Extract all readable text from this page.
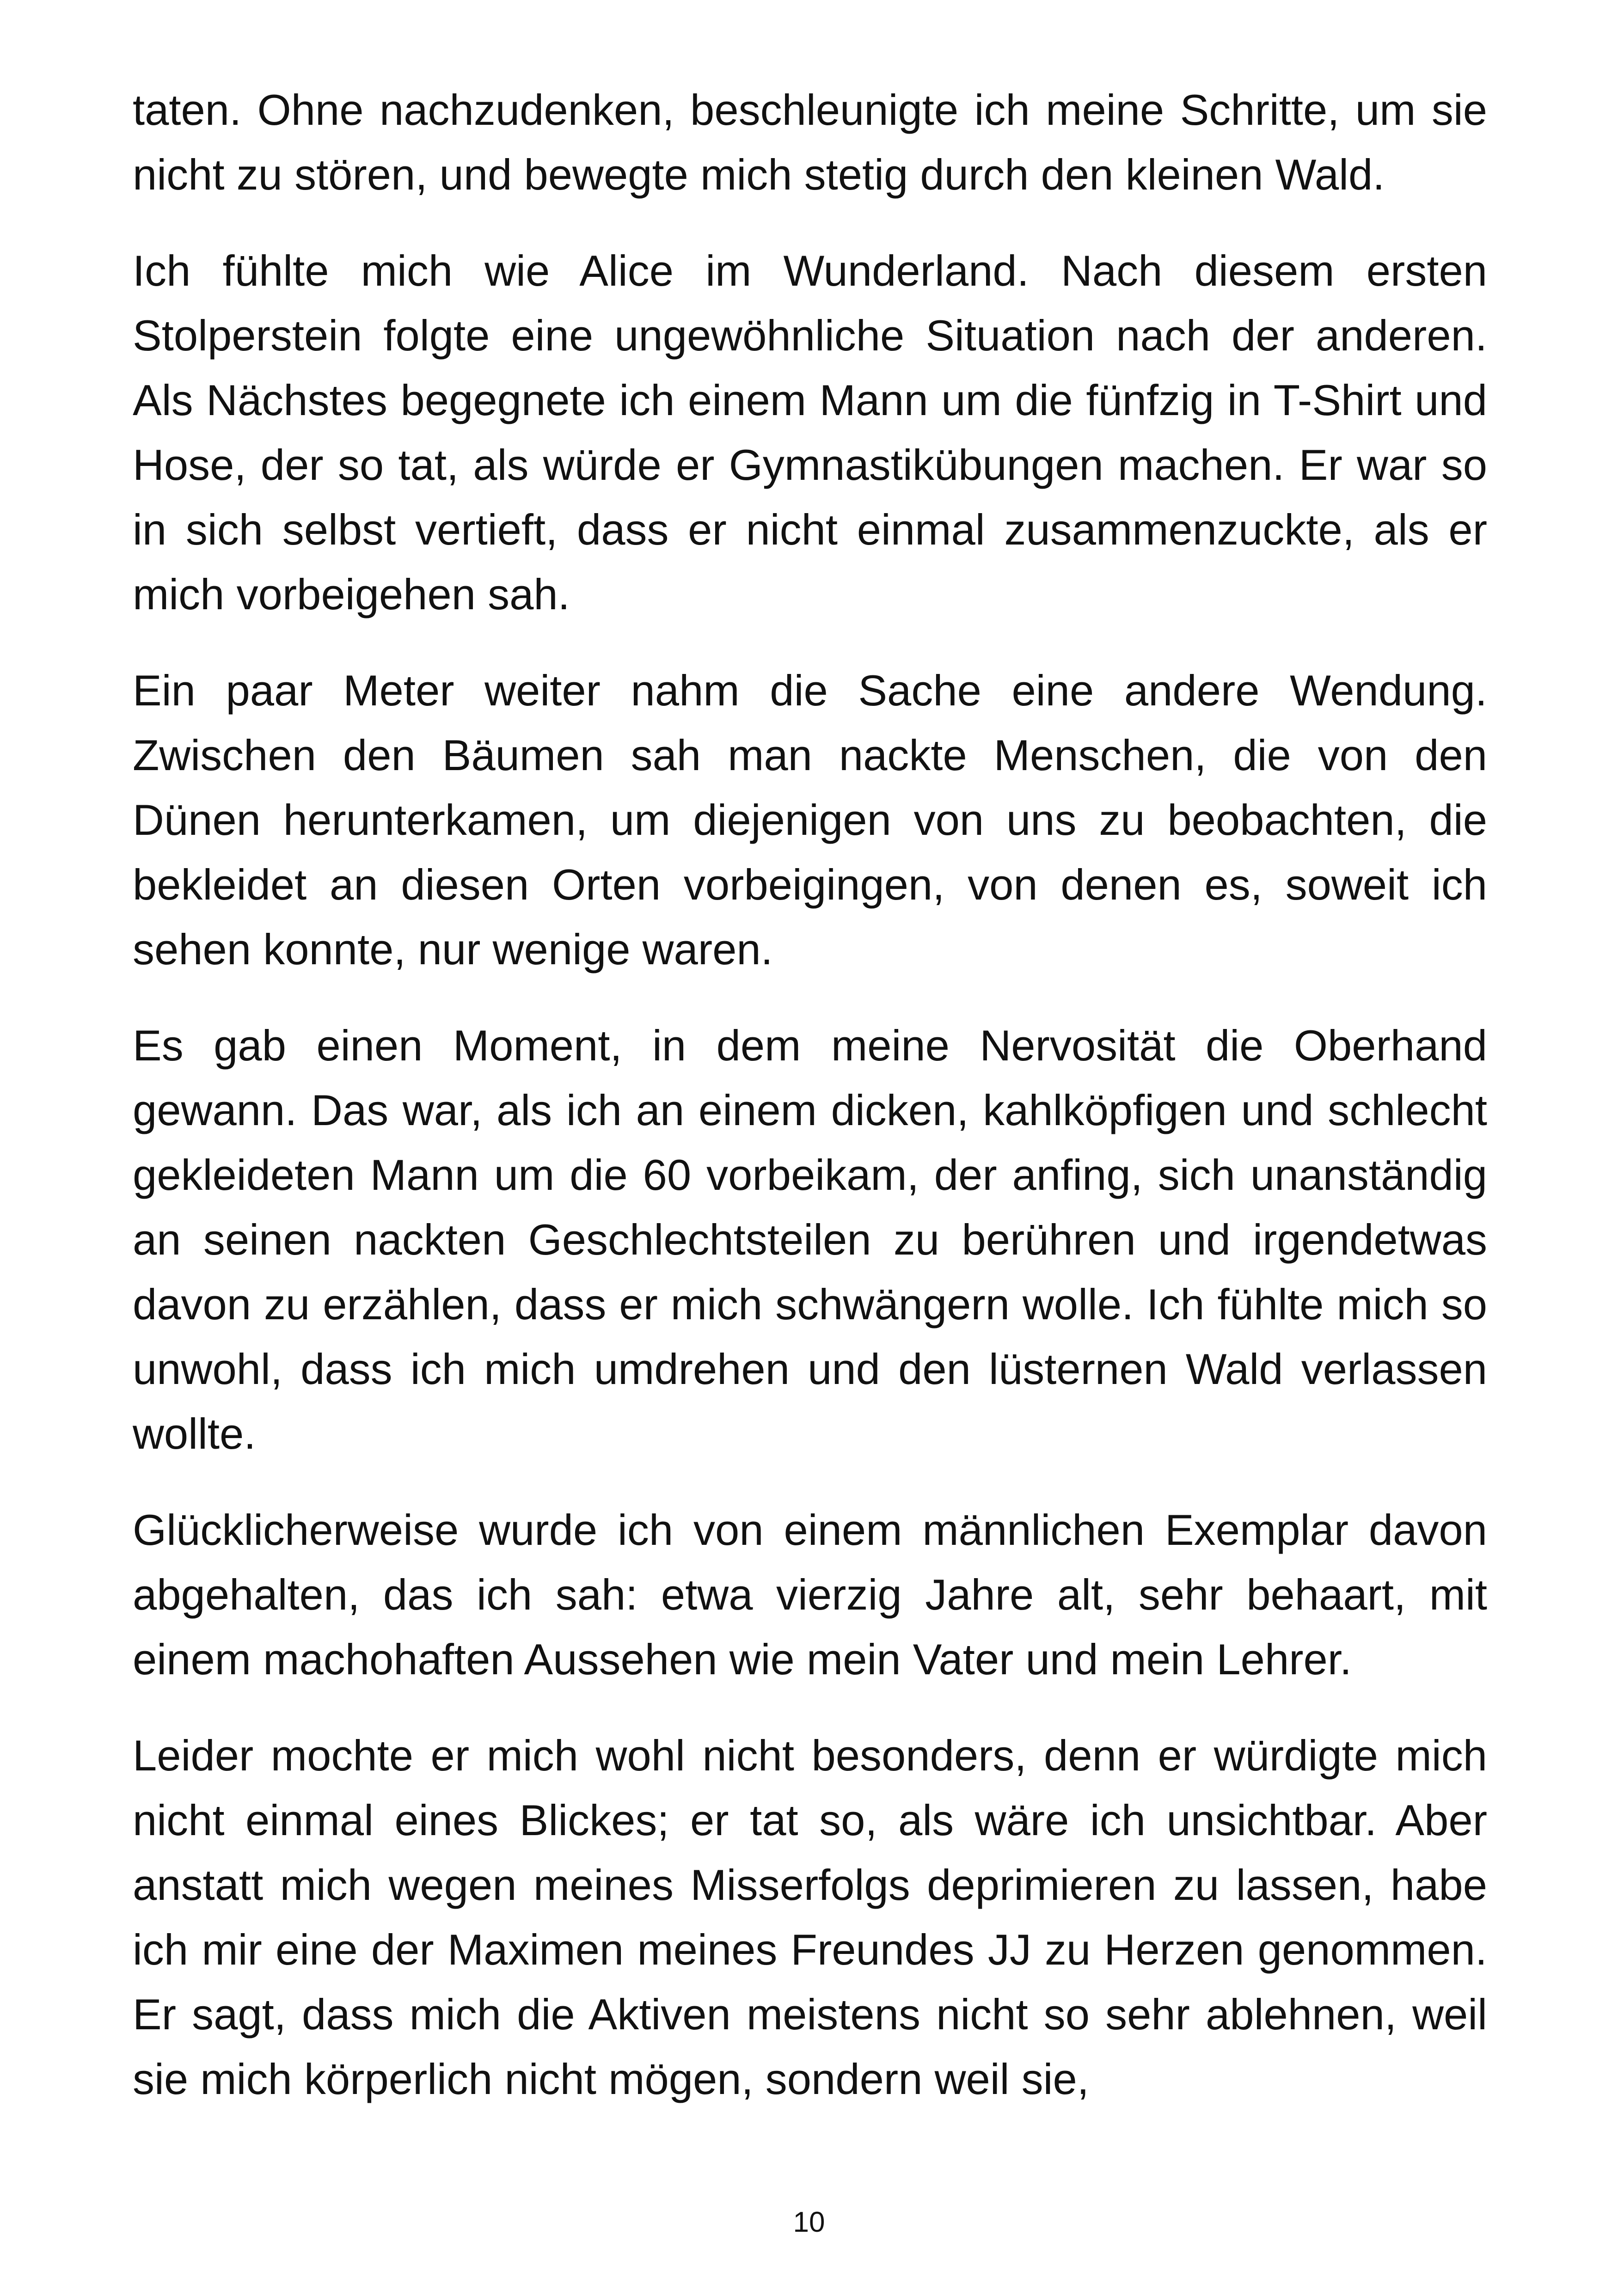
taten. Ohne nachzudenken, beschleunigte ich meine Schritte, um sie nicht zu stören, und bewegte mich stetig durch den kleinen Wald.

Ich fühlte mich wie Alice im Wunderland. Nach diesem ersten Stolperstein folgte eine ungewöhnliche Situation nach der anderen. Als Nächstes begegnete ich einem Mann um die fünfzig in T-Shirt und Hose, der so tat, als würde er Gymnastikübungen machen. Er war so in sich selbst vertieft, dass er nicht einmal zusammenzuckte, als er mich vorbeigehen sah.

Ein paar Meter weiter nahm die Sache eine andere Wendung. Zwischen den Bäumen sah man nackte Menschen, die von den Dünen herunterkamen, um diejenigen von uns zu beobachten, die bekleidet an diesen Orten vorbeigingen, von denen es, soweit ich sehen konnte, nur wenige waren.

Es gab einen Moment, in dem meine Nervosität die Oberhand gewann. Das war, als ich an einem dicken, kahlköpfigen und schlecht gekleideten Mann um die 60 vorbeikam, der anfing, sich unanständig an seinen nackten Geschlechtsteilen zu berühren und irgendetwas davon zu erzählen, dass er mich schwängern wolle. Ich fühlte mich so unwohl, dass ich mich umdrehen und den lüsternen Wald verlassen wollte.

Glücklicherweise wurde ich von einem männlichen Exemplar davon abgehalten, das ich sah: etwa vierzig Jahre alt, sehr behaart, mit einem machohaften Aussehen wie mein Vater und mein Lehrer.

Leider mochte er mich wohl nicht besonders, denn er würdigte mich nicht einmal eines Blickes; er tat so, als wäre ich unsichtbar. Aber anstatt mich wegen meines Misserfolgs deprimieren zu lassen, habe ich mir eine der Maximen meines Freundes JJ zu Herzen genommen. Er sagt, dass mich die Aktiven meistens nicht so sehr ablehnen, weil sie mich körperlich nicht mögen, sondern weil sie,

10
